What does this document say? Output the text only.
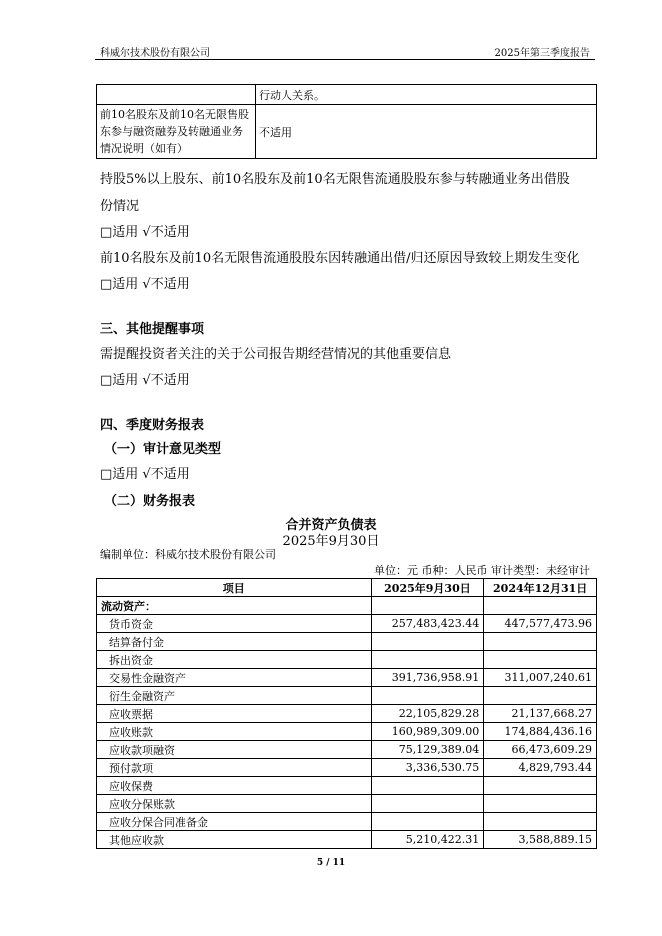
科威尔技术股份有限公司	2025年第三季度报告
	行动人关系。
前10名股东及前10名无限售股东参与融资融券及转融通业务情况说明（如有）	不适用
持股5%以上股东、前10名股东及前10名无限售流通股股东参与转融通业务出借股
份情况
□适用 √不适用
前10名股东及前10名无限售流通股股东因转融通出借/归还原因导致较上期发生变化
□适用 √不适用
三、其他提醒事项
需提醒投资者关注的关于公司报告期经营情况的其他重要信息
□适用 √不适用
四、季度财务报表
（一）审计意见类型
□适用 √不适用
（二）财务报表
合并资产负债表
2025年9月30日
编制单位：科威尔技术股份有限公司
单位：元 币种：人民币 审计类型：未经审计
项目	2025年9月30日	2024年12月31日
流动资产：		
货币资金	257,483,423.44	447,577,473.96
结算备付金		
拆出资金		
交易性金融资产	391,736,958.91	311,007,240.61
衍生金融资产		
应收票据	22,105,829.28	21,137,668.27
应收账款	160,989,309.00	174,884,436.16
应收款项融资	75,129,389.04	66,473,609.29
预付款项	3,336,530.75	4,829,793.44
应收保费		
应收分保账款		
应收分保合同准备金		
其他应收款	5,210,422.31	3,588,889.15
5 / 11
